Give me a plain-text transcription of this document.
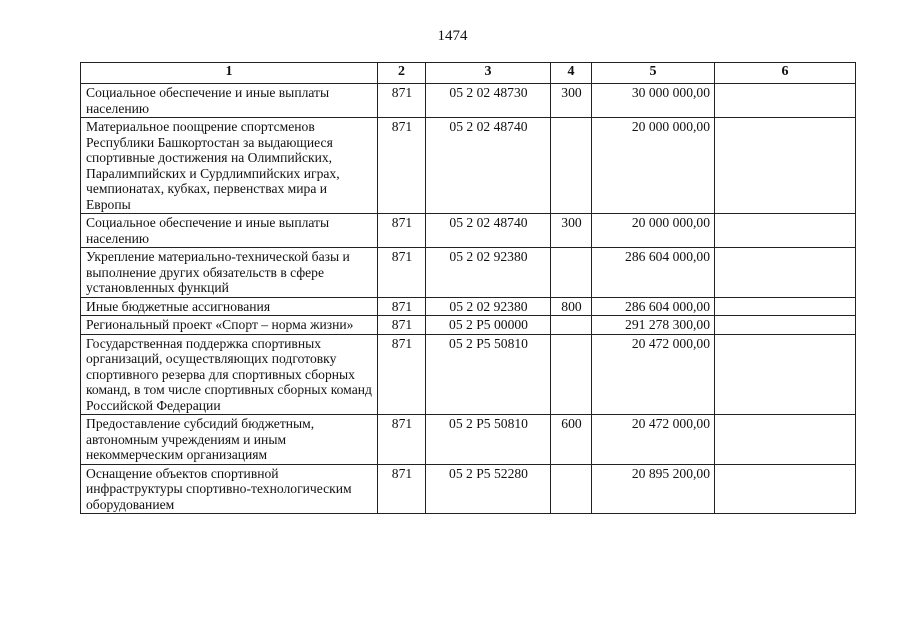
1474
1	2	3	4	5	6
Социальное обеспечение и иные выплаты населению	871	05 2 02 48730	300	30 000 000,00	
Материальное поощрение спортсменов Республики Башкортостан за выдающиеся спортивные достижения на Олимпийских, Паралимпийских и Сурдлимпийских играх, чемпионатах, кубках, первенствах мира и Европы	871	05 2 02 48740		20 000 000,00	
Социальное обеспечение и иные выплаты населению	871	05 2 02 48740	300	20 000 000,00	
Укрепление материально-технической базы и выполнение других обязательств в сфере установленных функций	871	05 2 02 92380		286 604 000,00	
Иные бюджетные ассигнования	871	05 2 02 92380	800	286 604 000,00	
Региональный проект «Спорт – норма жизни»	871	05 2 P5 00000		291 278 300,00	
Государственная поддержка спортивных организаций, осуществляющих подготовку спортивного резерва для спортивных сборных команд, в том числе спортивных сборных команд Российской Федерации	871	05 2 P5 50810		20 472 000,00	
Предоставление субсидий бюджетным, автономным учреждениям и иным некоммерческим организациям	871	05 2 P5 50810	600	20 472 000,00	
Оснащение объектов спортивной инфраструктуры спортивно-технологическим оборудованием	871	05 2 P5 52280		20 895 200,00	
